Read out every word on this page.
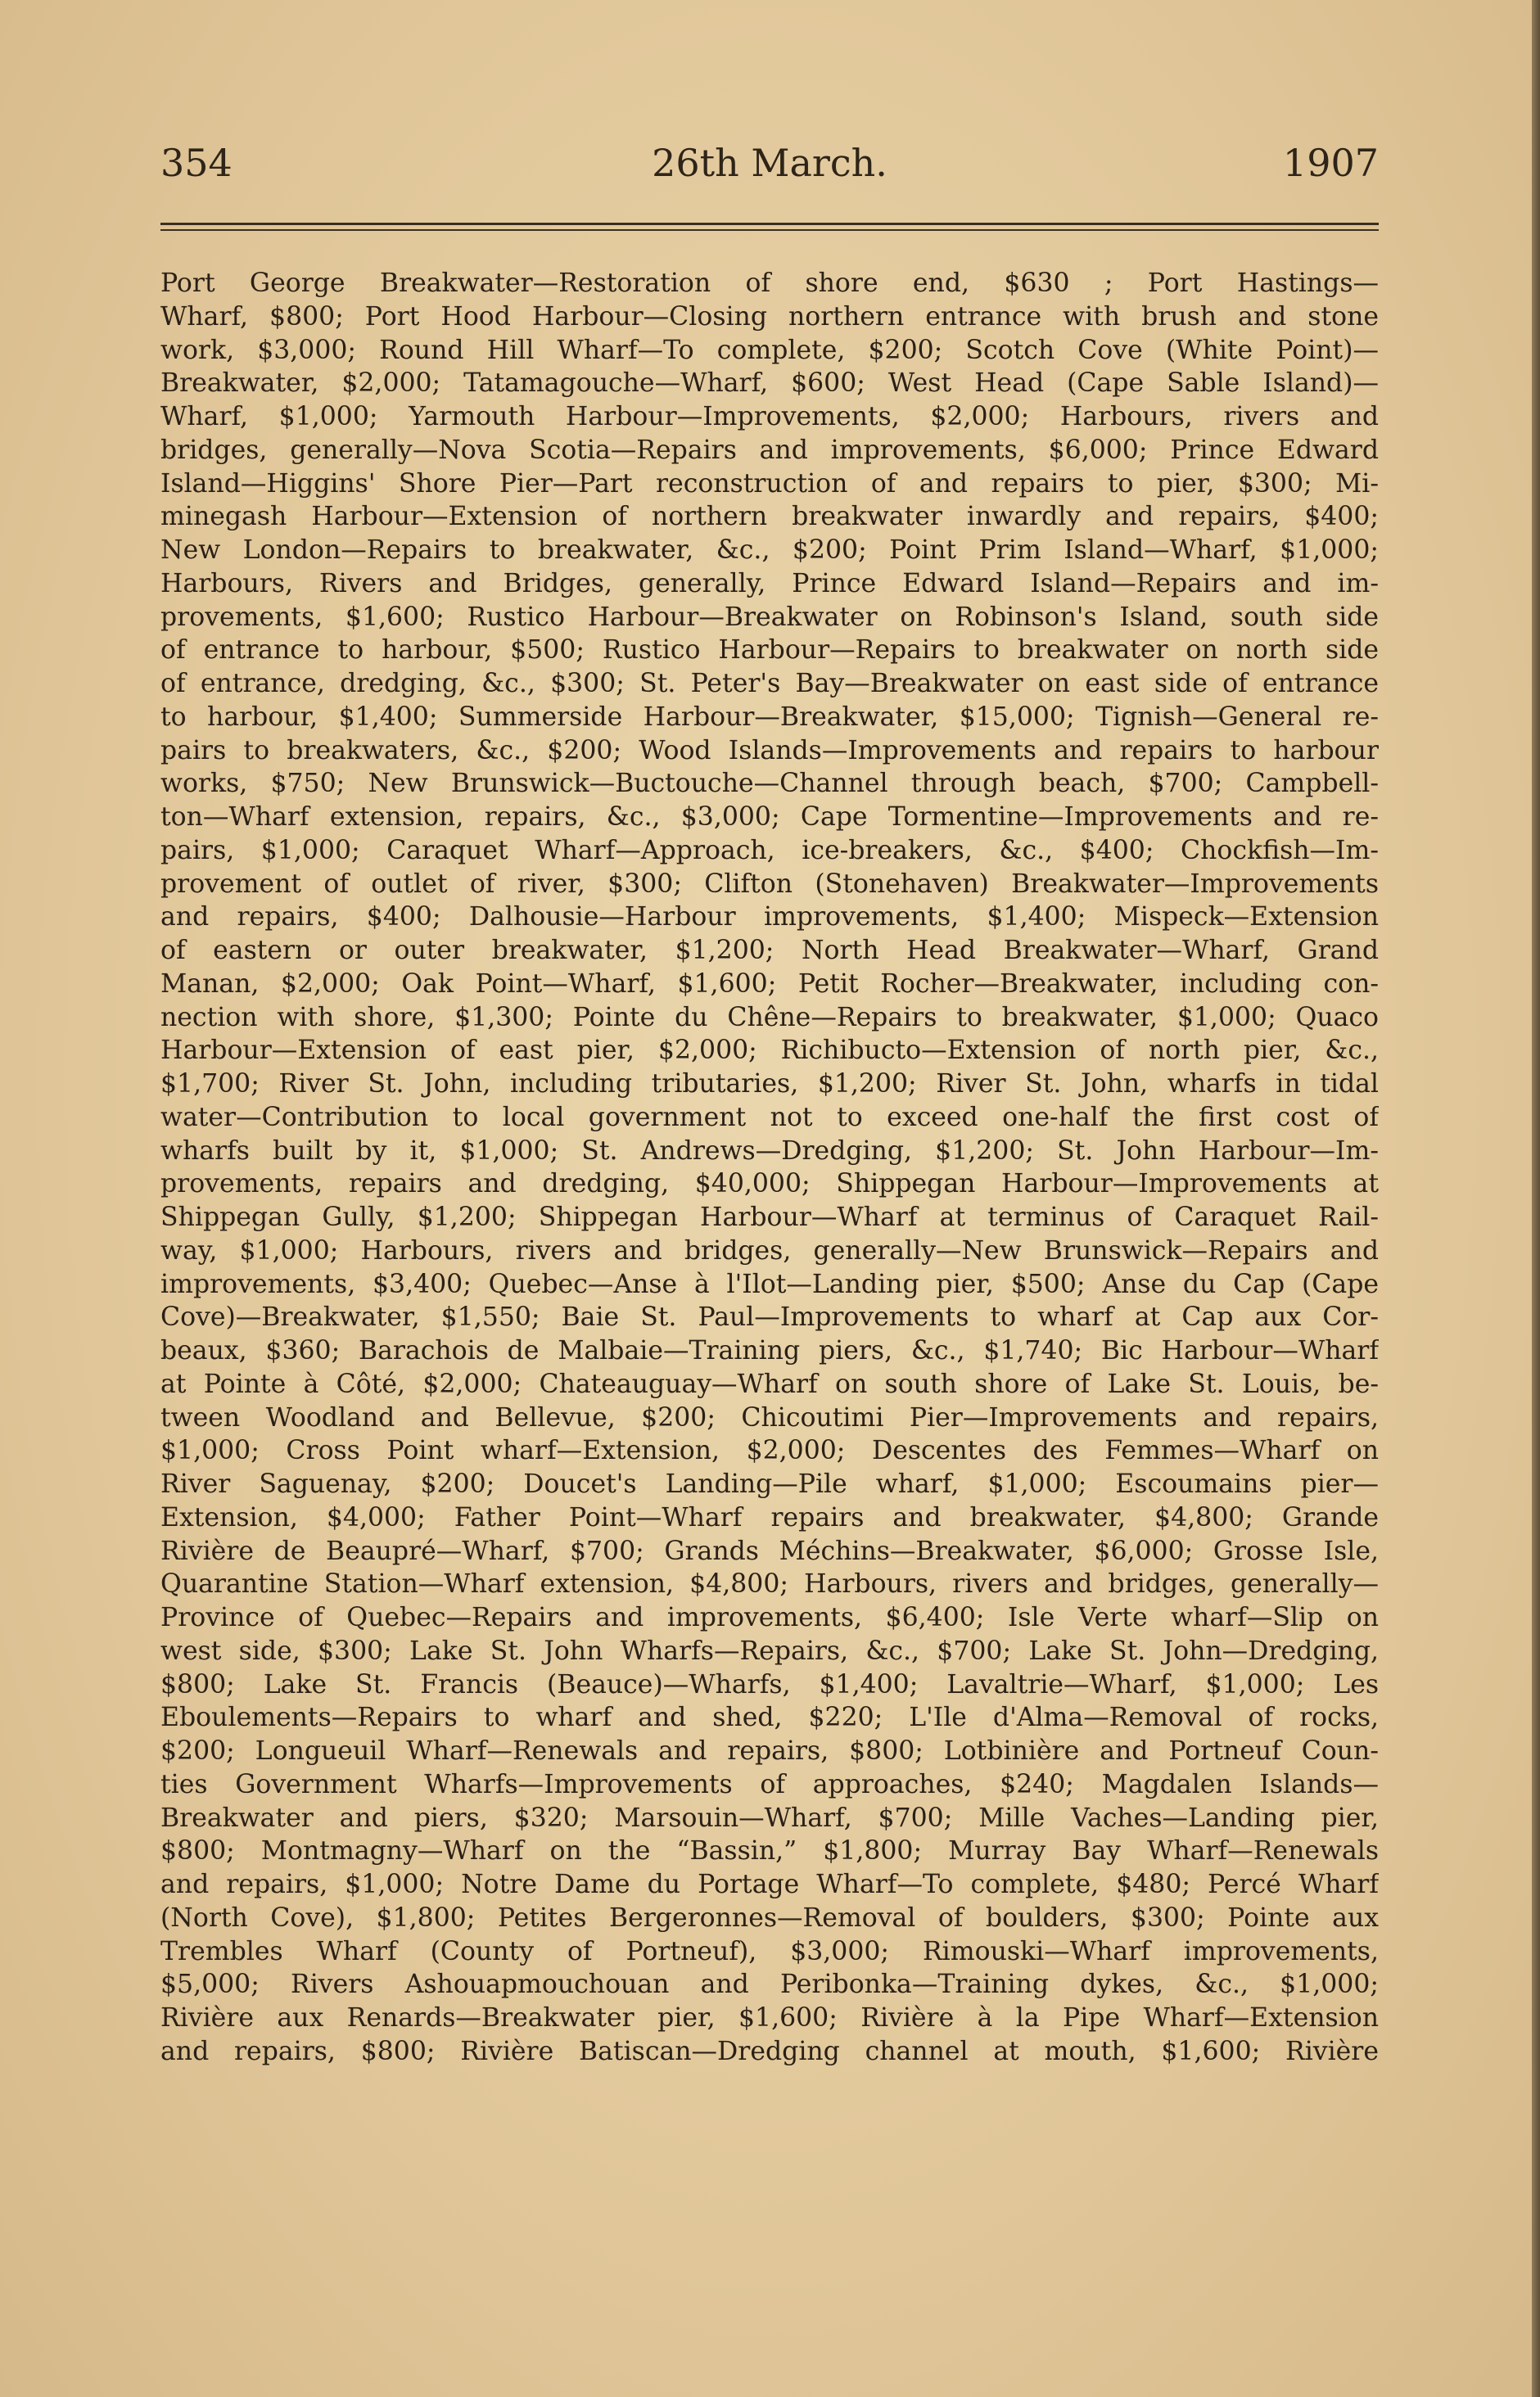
354	26th March.	1907
Port George Breakwater—Restoration of shore end, $630 ; Port Hastings—
Wharf, $800; Port Hood Harbour—Closing northern entrance with brush and stone
work, $3,000; Round Hill Wharf—To complete, $200; Scotch Cove (White Point)—
Breakwater, $2,000; Tatamagouche—Wharf, $600; West Head (Cape Sable Island)—
Wharf, $1,000; Yarmouth Harbour—Improvements, $2,000; Harbours, rivers and
bridges, generally—Nova Scotia—Repairs and improvements, $6,000; Prince Edward
Island—Higgins' Shore Pier—Part reconstruction of and repairs to pier, $300; Mi-
minegash Harbour—Extension of northern breakwater inwardly and repairs, $400;
New London—Repairs to breakwater, &c., $200; Point Prim Island—Wharf, $1,000;
Harbours, Rivers and Bridges, generally, Prince Edward Island—Repairs and im-
provements, $1,600; Rustico Harbour—Breakwater on Robinson's Island, south side
of entrance to harbour, $500; Rustico Harbour—Repairs to breakwater on north side
of entrance, dredging, &c., $300; St. Peter's Bay—Breakwater on east side of entrance
to harbour, $1,400; Summerside Harbour—Breakwater, $15,000; Tignish—General re-
pairs to breakwaters, &c., $200; Wood Islands—Improvements and repairs to harbour
works, $750; New Brunswick—Buctouche—Channel through beach, $700; Campbell-
ton—Wharf extension, repairs, &c., $3,000; Cape Tormentine—Improvements and re-
pairs, $1,000; Caraquet Wharf—Approach, ice-breakers, &c., $400; Chockfish—Im-
provement of outlet of river, $300; Clifton (Stonehaven) Breakwater—Improvements
and repairs, $400; Dalhousie—Harbour improvements, $1,400; Mispeck—Extension
of eastern or outer breakwater, $1,200; North Head Breakwater—Wharf, Grand
Manan, $2,000; Oak Point—Wharf, $1,600; Petit Rocher—Breakwater, including con-
nection with shore, $1,300; Pointe du Chêne—Repairs to breakwater, $1,000; Quaco
Harbour—Extension of east pier, $2,000; Richibucto—Extension of north pier, &c.,
$1,700; River St. John, including tributaries, $1,200; River St. John, wharfs in tidal
water—Contribution to local government not to exceed one-half the first cost of
wharfs built by it, $1,000; St. Andrews—Dredging, $1,200; St. John Harbour—Im-
provements, repairs and dredging, $40,000; Shippegan Harbour—Improvements at
Shippegan Gully, $1,200; Shippegan Harbour—Wharf at terminus of Caraquet Rail-
way, $1,000; Harbours, rivers and bridges, generally—New Brunswick—Repairs and
improvements, $3,400; Quebec—Anse à l'Ilot—Landing pier, $500; Anse du Cap (Cape
Cove)—Breakwater, $1,550; Baie St. Paul—Improvements to wharf at Cap aux Cor-
beaux, $360; Barachois de Malbaie—Training piers, &c., $1,740; Bic Harbour—Wharf
at Pointe à Côté, $2,000; Chateauguay—Wharf on south shore of Lake St. Louis, be-
tween Woodland and Bellevue, $200; Chicoutimi Pier—Improvements and repairs,
$1,000; Cross Point wharf—Extension, $2,000; Descentes des Femmes—Wharf on
River Saguenay, $200; Doucet's Landing—Pile wharf, $1,000; Escoumains pier—
Extension, $4,000; Father Point—Wharf repairs and breakwater, $4,800; Grande
Rivière de Beaupré—Wharf, $700; Grands Méchins—Breakwater, $6,000; Grosse Isle,
Quarantine Station—Wharf extension, $4,800; Harbours, rivers and bridges, generally—
Province of Quebec—Repairs and improvements, $6,400; Isle Verte wharf—Slip on
west side, $300; Lake St. John Wharfs—Repairs, &c., $700; Lake St. John—Dredging,
$800; Lake St. Francis (Beauce)—Wharfs, $1,400; Lavaltrie—Wharf, $1,000; Les
Eboulements—Repairs to wharf and shed, $220; L'Ile d'Alma—Removal of rocks,
$200; Longueuil Wharf—Renewals and repairs, $800; Lotbinière and Portneuf Coun-
ties Government Wharfs—Improvements of approaches, $240; Magdalen Islands—
Breakwater and piers, $320; Marsouin—Wharf, $700; Mille Vaches—Landing pier,
$800; Montmagny—Wharf on the “Bassin,” $1,800; Murray Bay Wharf—Renewals
and repairs, $1,000; Notre Dame du Portage Wharf—To complete, $480; Percé Wharf
(North Cove), $1,800; Petites Bergeronnes—Removal of boulders, $300; Pointe aux
Trembles Wharf (County of Portneuf), $3,000; Rimouski—Wharf improvements,
$5,000; Rivers Ashouapmouchouan and Peribonka—Training dykes, &c., $1,000;
Rivière aux Renards—Breakwater pier, $1,600; Rivière à la Pipe Wharf—Extension
and repairs, $800; Rivière Batiscan—Dredging channel at mouth, $1,600; Rivière
